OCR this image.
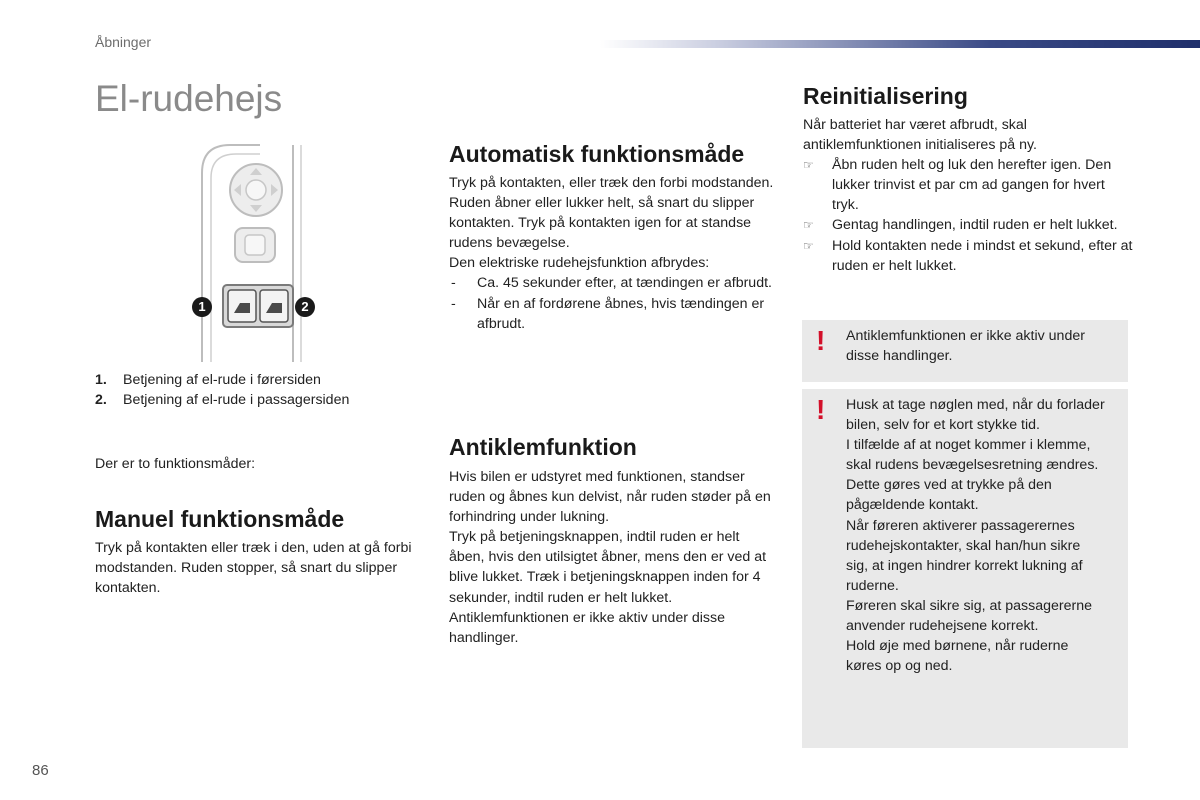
Åbninger
El-rudehejs
1	2
1.	Betjening af el-rude i førersiden
2.	Betjening af el-rude i passagersiden
Der er to funktionsmåder:
Manuel funktionsmåde
Tryk på kontakten eller træk i den, uden at gå forbi modstanden. Ruden stopper, så snart du slipper kontakten.
Automatisk funktionsmåde

Tryk på kontakten, eller træk den forbi modstanden. Ruden åbner eller lukker helt, så snart du slipper kontakten. Tryk på kontakten igen for at standse rudens bevægelse.

Den elektriske rudehejsfunktion afbrydes:

- Ca. 45 sekunder efter, at tændingen er afbrudt.
- Når en af fordørene åbnes, hvis tændingen er afbrudt.
Antiklemfunktion

Hvis bilen er udstyret med funktionen, standser ruden og åbnes kun delvist, når ruden støder på en forhindring under lukning.

Tryk på betjeningsknappen, indtil ruden er helt åben, hvis den utilsigtet åbner, mens den er ved at blive lukket. Træk i betjeningsknappen inden for 4 sekunder, indtil ruden er helt lukket.

Antiklemfunktionen er ikke aktiv under disse handlinger.

Reinitialisering

Når batteriet har været afbrudt, skal antiklemfunktionen initialiseres på ny.

☞ Åbn ruden helt og luk den herefter igen. Den lukker trinvist et par cm ad gangen for hvert tryk.
☞ Gentag handlingen, indtil ruden er helt lukket.
☞ Hold kontakten nede i mindst et sekund, efter at ruden er helt lukket.
! Antiklemfunktionen er ikke aktiv under disse handlinger.
! Husk at tage nøglen med, når du forlader bilen, selv for et kort stykke tid.

I tilfælde af at noget kommer i klemme, skal rudens bevægelsesretning ændres. Dette gøres ved at trykke på den pågældende kontakt.

Når føreren aktiverer passagerernes rudehejskontakter, skal han/hun sikre sig, at ingen hindrer korrekt lukning af ruderne.

Føreren skal sikre sig, at passagererne anvender rudehejsene korrekt.

Hold øje med børnene, når ruderne køres op og ned.

86
